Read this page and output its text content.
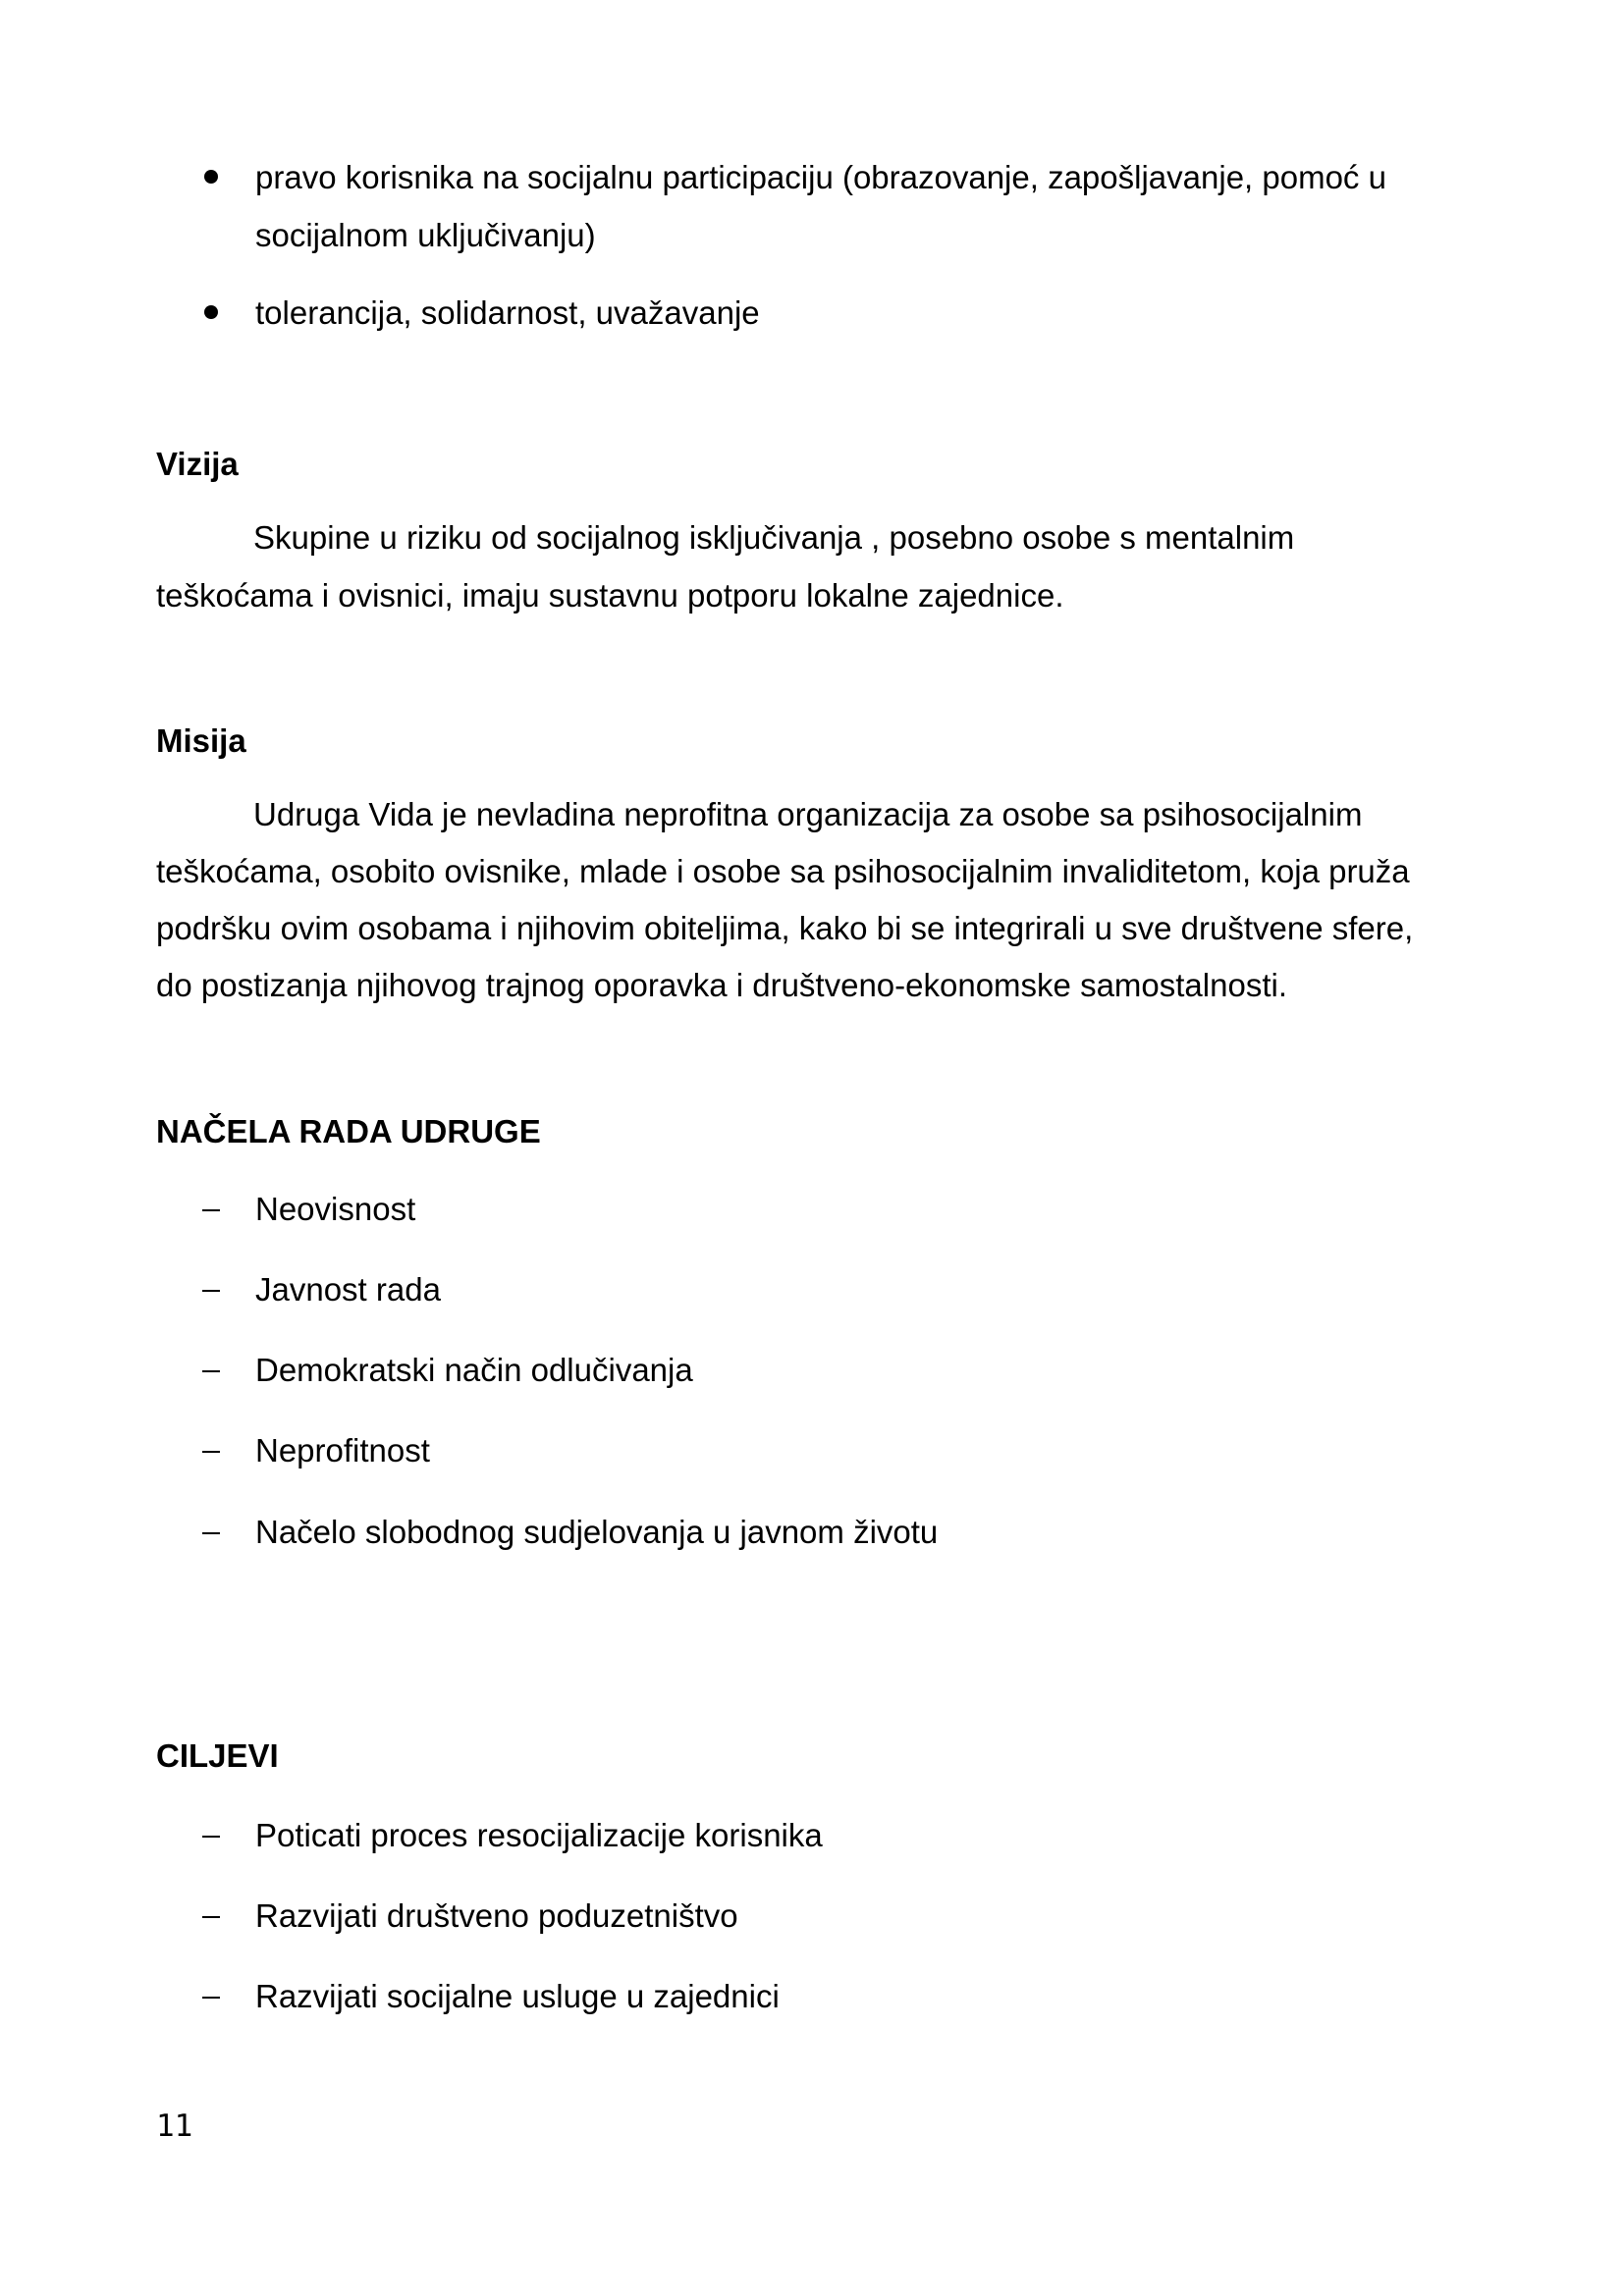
pravo korisnika na socijalnu participaciju (obrazovanje, zapošljavanje, pomoć u
socijalnom uključivanju)
tolerancija, solidarnost, uvažavanje
Vizija
Skupine u riziku od socijalnog isključivanja , posebno osobe s mentalnim
teškoćama i ovisnici, imaju sustavnu potporu lokalne zajednice.
Misija
Udruga Vida je nevladina neprofitna organizacija za osobe sa psihosocijalnim
teškoćama, osobito ovisnike, mlade i osobe sa psihosocijalnim invaliditetom, koja pruža
podršku ovim osobama i njihovim obiteljima, kako bi se integrirali u sve društvene sfere,
do postizanja njihovog trajnog oporavka i društveno-ekonomske samostalnosti.
NAČELA RADA UDRUGE
Neovisnost
Javnost rada
Demokratski način odlučivanja
Neprofitnost
Načelo slobodnog sudjelovanja u javnom životu
CILJEVI
Poticati proces resocijalizacije korisnika
Razvijati društveno poduzetništvo
Razvijati socijalne usluge u zajednici
11
